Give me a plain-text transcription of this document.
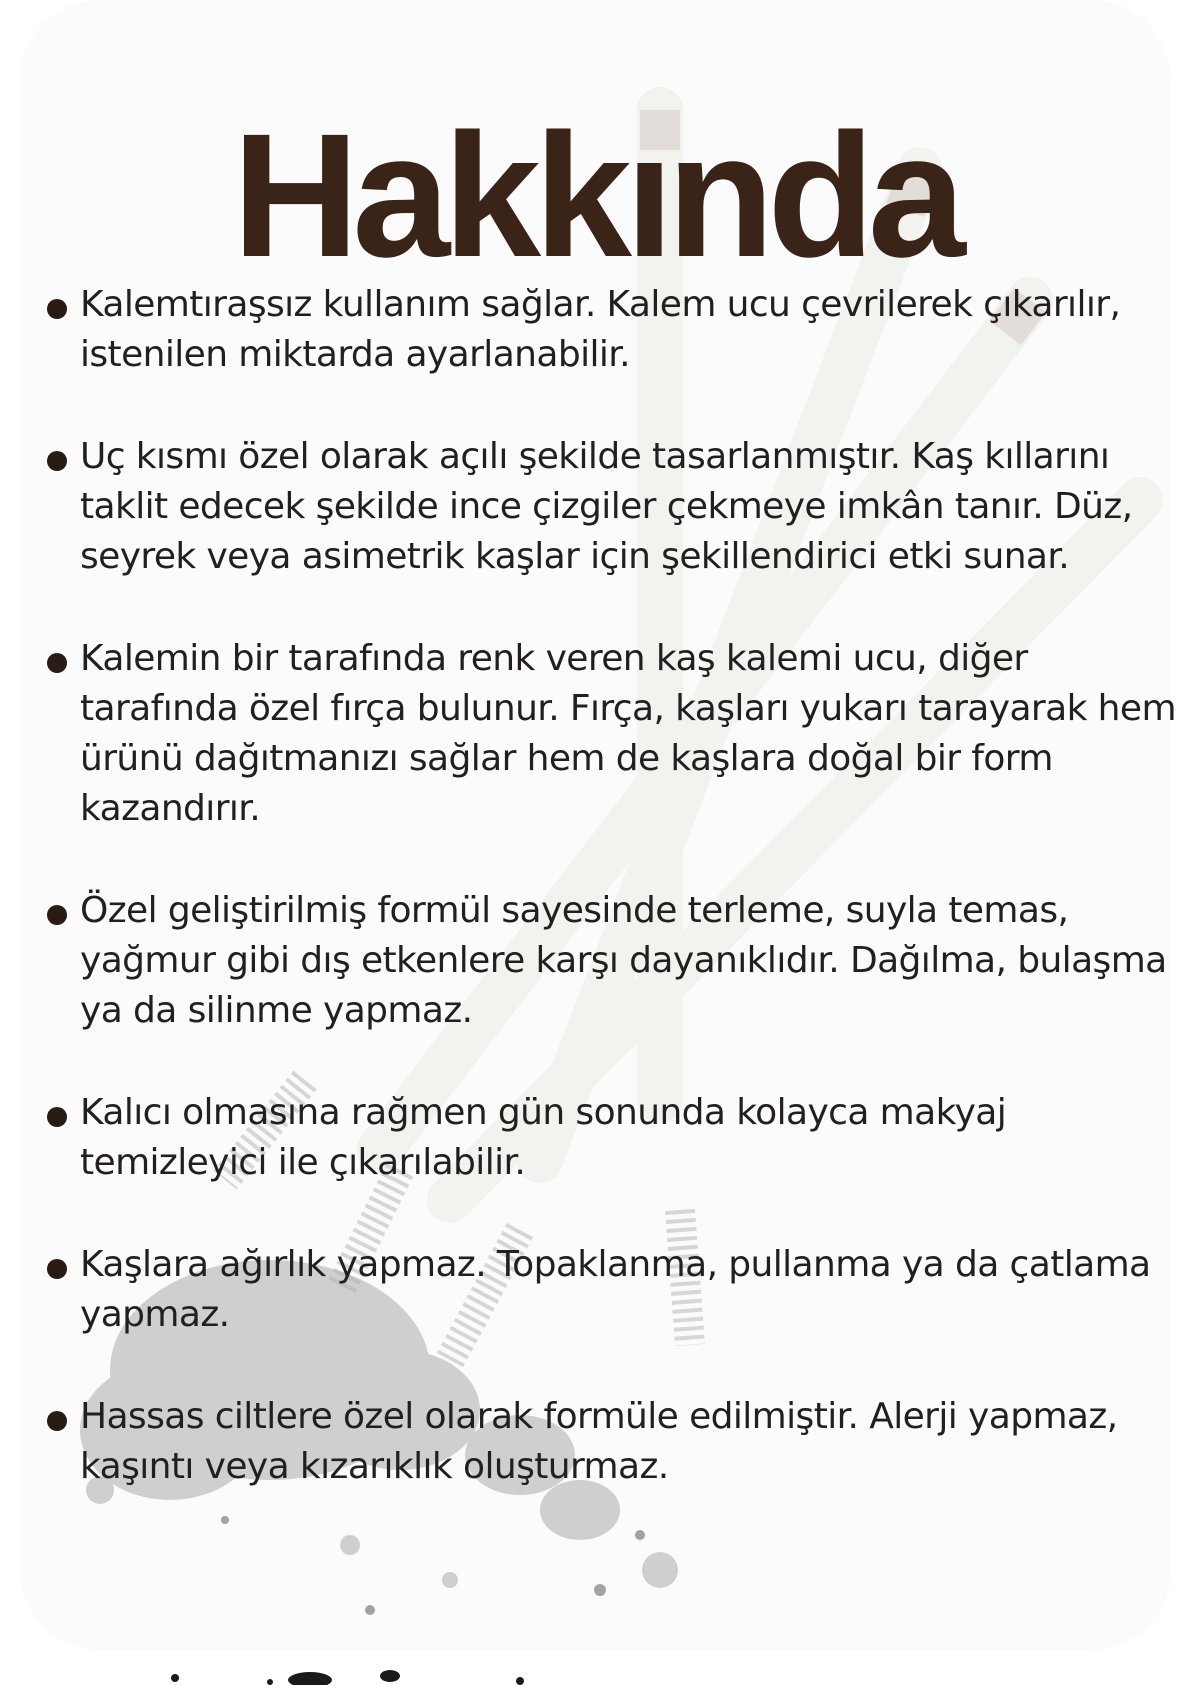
Hakkında
Kalemtıraşsız kullanım sağlar. Kalem ucu çevrilerek çıkarılır, istenilen miktarda ayarlanabilir.
Uç kısmı özel olarak açılı şekilde tasarlanmıştır. Kaş kıllarını taklit edecek şekilde ince çizgiler çekmeye imkân tanır. Düz, seyrek veya asimetrik kaşlar için şekillendirici etki sunar.
Kalemin bir tarafında renk veren kaş kalemi ucu, diğer tarafında özel fırça bulunur. Fırça, kaşları yukarı tarayarak hem ürünü dağıtmanızı sağlar hem de kaşlara doğal bir form kazandırır.
Özel geliştirilmiş formül sayesinde terleme, suyla temas, yağmur gibi dış etkenlere karşı dayanıklıdır. Dağılma, bulaşma ya da silinme yapmaz.
Kalıcı olmasına rağmen gün sonunda kolayca makyaj temizleyici ile çıkarılabilir.
Kaşlara ağırlık yapmaz. Topaklanma, pullanma ya da çatlama yapmaz.
Hassas ciltlere özel olarak formüle edilmiştir. Alerji yapmaz, kaşıntı veya kızarıklık oluşturmaz.
